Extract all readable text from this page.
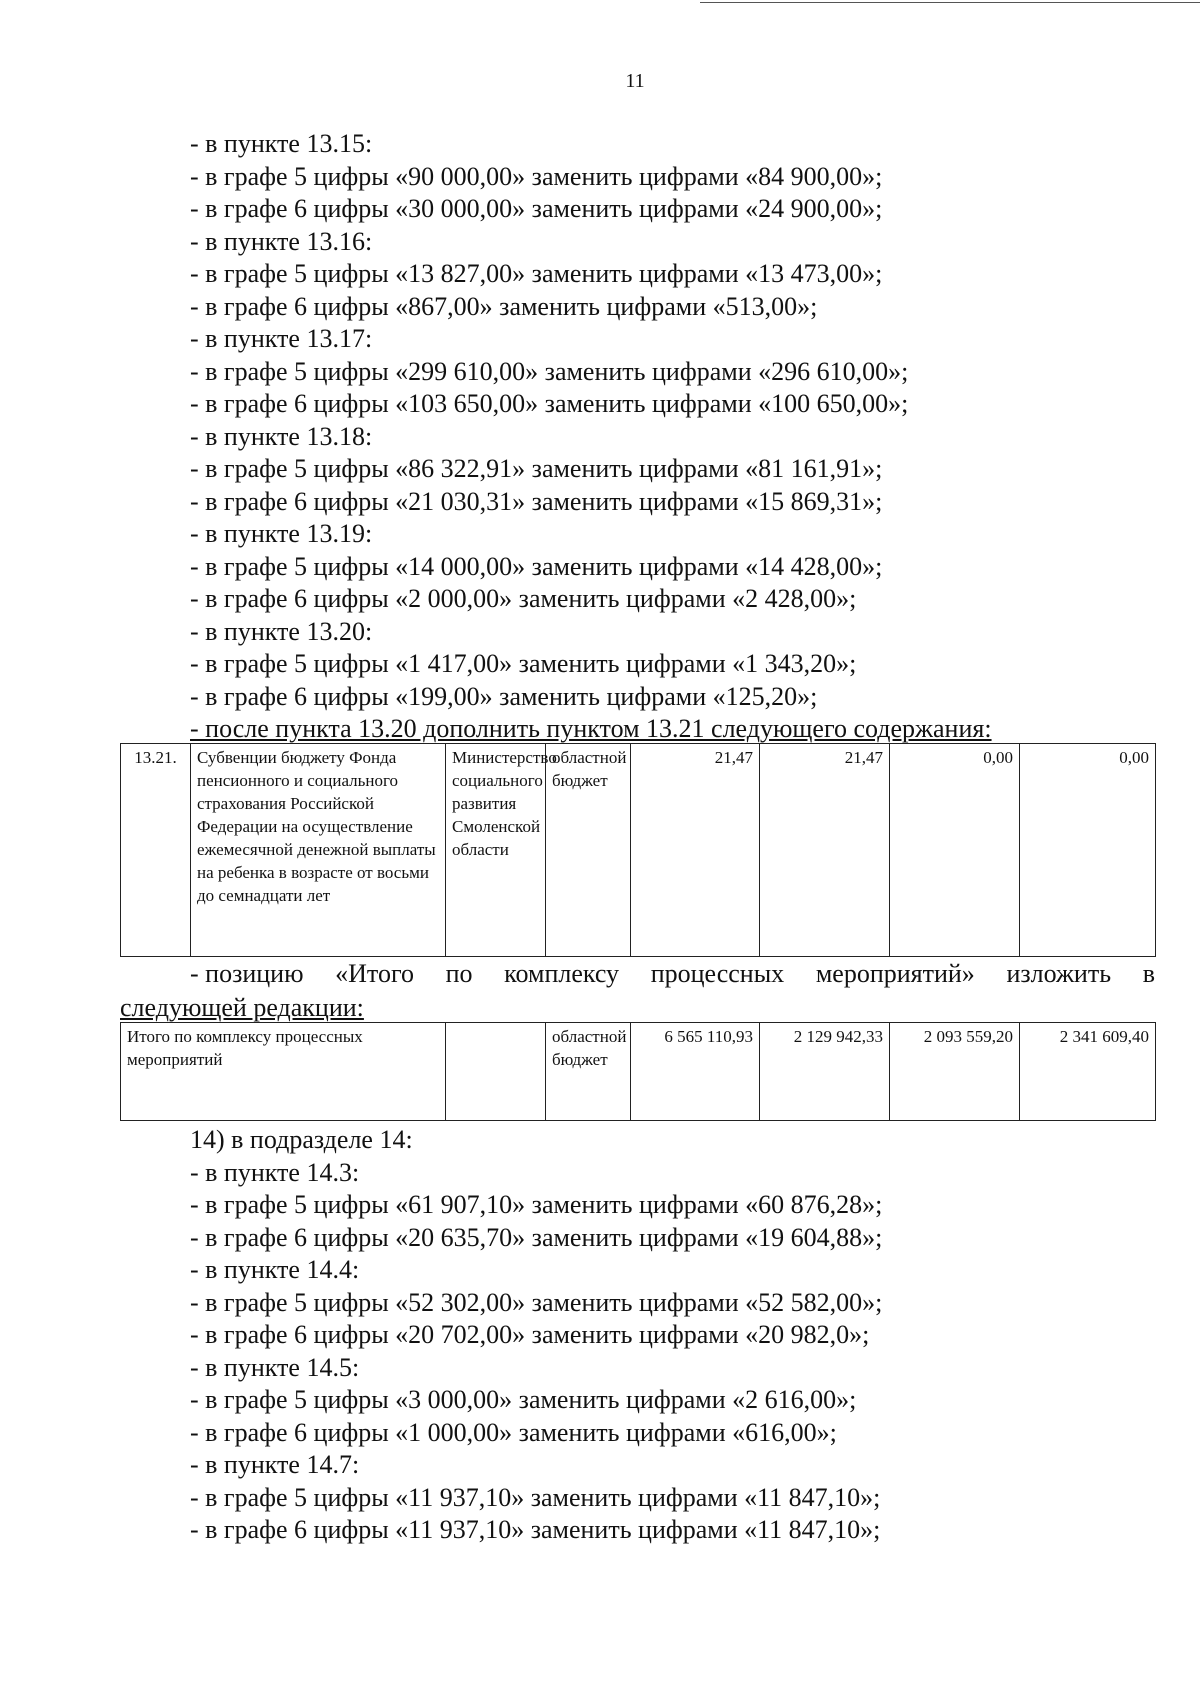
11
- в пункте 13.15:
- в графе 5 цифры «90 000,00» заменить цифрами «84 900,00»;
- в графе 6 цифры «30 000,00» заменить цифрами «24 900,00»;
- в пункте 13.16:
- в графе 5 цифры «13 827,00» заменить цифрами «13 473,00»;
- в графе 6 цифры «867,00» заменить цифрами «513,00»;
- в пункте 13.17:
- в графе 5 цифры «299 610,00» заменить цифрами «296 610,00»;
- в графе 6 цифры «103 650,00» заменить цифрами «100 650,00»;
- в пункте 13.18:
- в графе 5 цифры «86 322,91» заменить цифрами «81 161,91»;
- в графе 6 цифры «21 030,31» заменить цифрами «15 869,31»;
- в пункте 13.19:
- в графе 5 цифры «14 000,00» заменить цифрами «14 428,00»;
- в графе 6 цифры «2 000,00» заменить цифрами «2 428,00»;
- в пункте 13.20:
- в графе 5 цифры «1 417,00» заменить цифрами «1 343,20»;
- в графе 6 цифры «199,00» заменить цифрами «125,20»;
- после пункта 13.20 дополнить пунктом 13.21 следующего содержания:
13.21.	Субвенции бюджету Фонда пенсионного и социального страхования Российской Федерации на осуществление ежемесячной денежной выплаты на ребенка в возрасте от восьми до семнадцати лет	Министерство социального развития Смоленской области	областной бюджет	21,47	21,47	0,00	0,00
- позицию «Итого по комплексу процессных мероприятий» изложить в
следующей редакции:
Итого по комплексу процессных мероприятий		областной бюджет	6 565 110,93	2 129 942,33	2 093 559,20	2 341 609,40
14) в подразделе 14:
- в пункте 14.3:
- в графе 5 цифры «61 907,10» заменить цифрами «60 876,28»;
- в графе 6 цифры «20 635,70» заменить цифрами «19 604,88»;
- в пункте 14.4:
- в графе 5 цифры «52 302,00» заменить цифрами «52 582,00»;
- в графе 6 цифры «20 702,00» заменить цифрами «20 982,0»;
- в пункте 14.5:
- в графе 5 цифры «3 000,00» заменить цифрами «2 616,00»;
- в графе 6 цифры «1 000,00» заменить цифрами «616,00»;
- в пункте 14.7:
- в графе 5 цифры «11 937,10» заменить цифрами «11 847,10»;
- в графе 6 цифры «11 937,10» заменить цифрами «11 847,10»;
